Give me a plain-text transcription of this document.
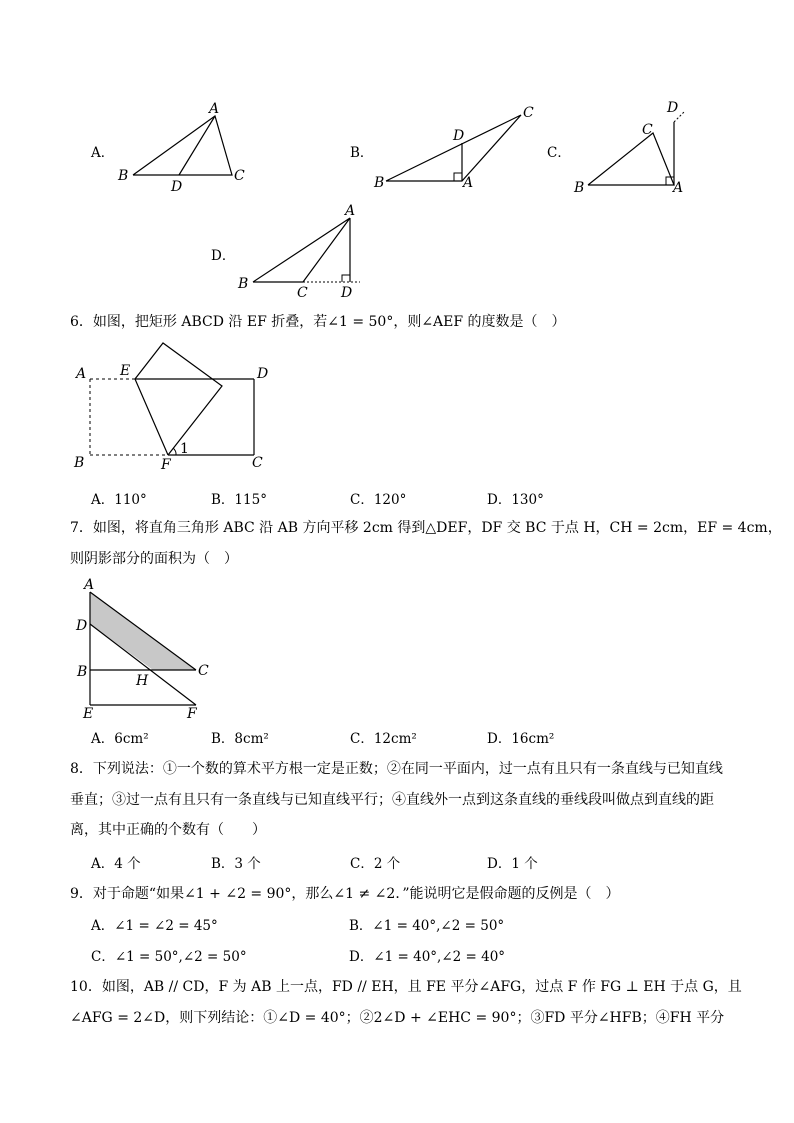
A．
A
B	C
D
C
D
B	A
D
C
B	A
A
B
C D
B．	C．
D．
6．如图，把矩形 ABCD 沿 EF 折叠，若∠1 = 50°，则∠AEF 的度数是（　）
A E	D
B	F	C
1
A．110°	B．115°	C．120°	D．130°
7．如图，将直角三角形 ABC 沿 AB 方向平移 2cm 得到△DEF，DF 交 BC 于点 H，CH = 2cm，EF = 4cm，
则阴影部分的面积为（　）
A
D
B	C
H
E	F
A．6cm²	B．8cm²	C．12cm²	D．16cm²
8．下列说法：①一个数的算术平方根一定是正数；②在同一平面内，过一点有且只有一条直线与已知直线
垂直；③过一点有且只有一条直线与已知直线平行；④直线外一点到这条直线的垂线段叫做点到直线的距
离，其中正确的个数有（　　）
A．4 个	B．3 个	C．2 个	D．1 个
9．对于命题“如果∠1 + ∠2 = 90°，那么∠1 ≠ ∠2．”能说明它是假命题的反例是（　）
A．∠1 = ∠2 = 45°	B．∠1 = 40°,∠2 = 50°
C．∠1 = 50°,∠2 = 50°	D．∠1 = 40°,∠2 = 40°
10．如图，AB // CD，F 为 AB 上一点，FD // EH，且 FE 平分∠AFG，过点 F 作 FG ⊥ EH 于点 G，且
∠AFG = 2∠D，则下列结论：①∠D = 40°；②2∠D + ∠EHC = 90°；③FD 平分∠HFB；④FH 平分
